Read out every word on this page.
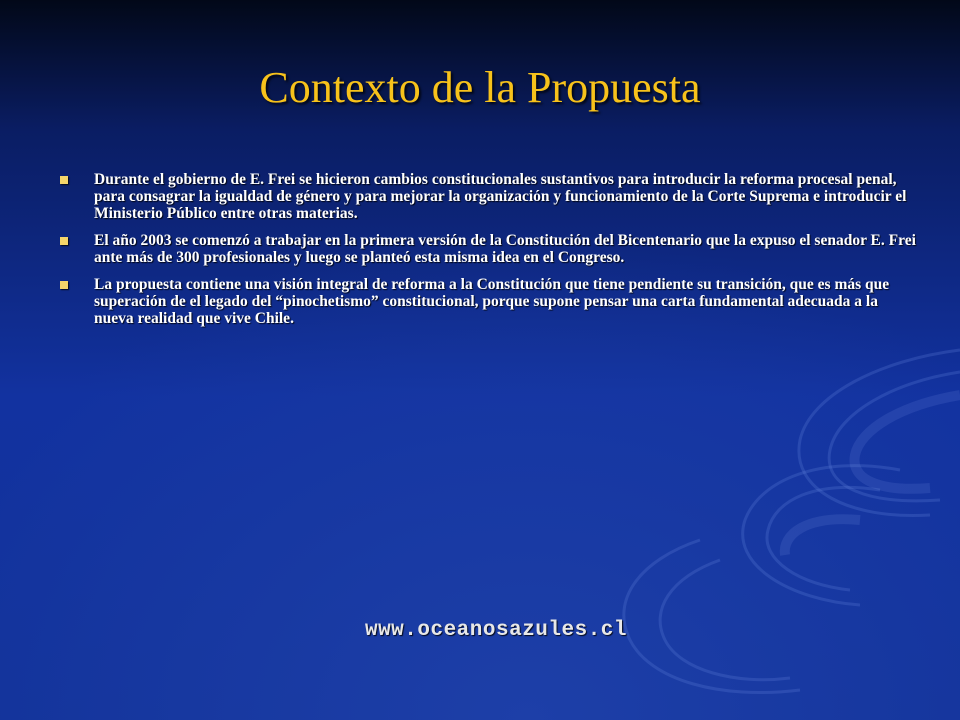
Contexto de la Propuesta
Durante el gobierno de E. Frei se hicieron cambios constitucionales sustantivos para introducir la reforma procesal penal, para consagrar la igualdad de género y para mejorar la organización y funcionamiento de la Corte Suprema e introducir el Ministerio Público entre otras materias.
El año 2003 se comenzó a trabajar en la primera versión de la Constitución del Bicentenario que la expuso el senador E. Frei ante más de 300 profesionales y luego se planteó esta misma idea en el Congreso.
La propuesta contiene una visión integral de reforma a la Constitución que tiene pendiente su transición, que es más que superación de el legado del “pinochetismo” constitucional, porque supone pensar una carta fundamental adecuada a la nueva realidad que vive Chile.
www.oceanosazules.cl
